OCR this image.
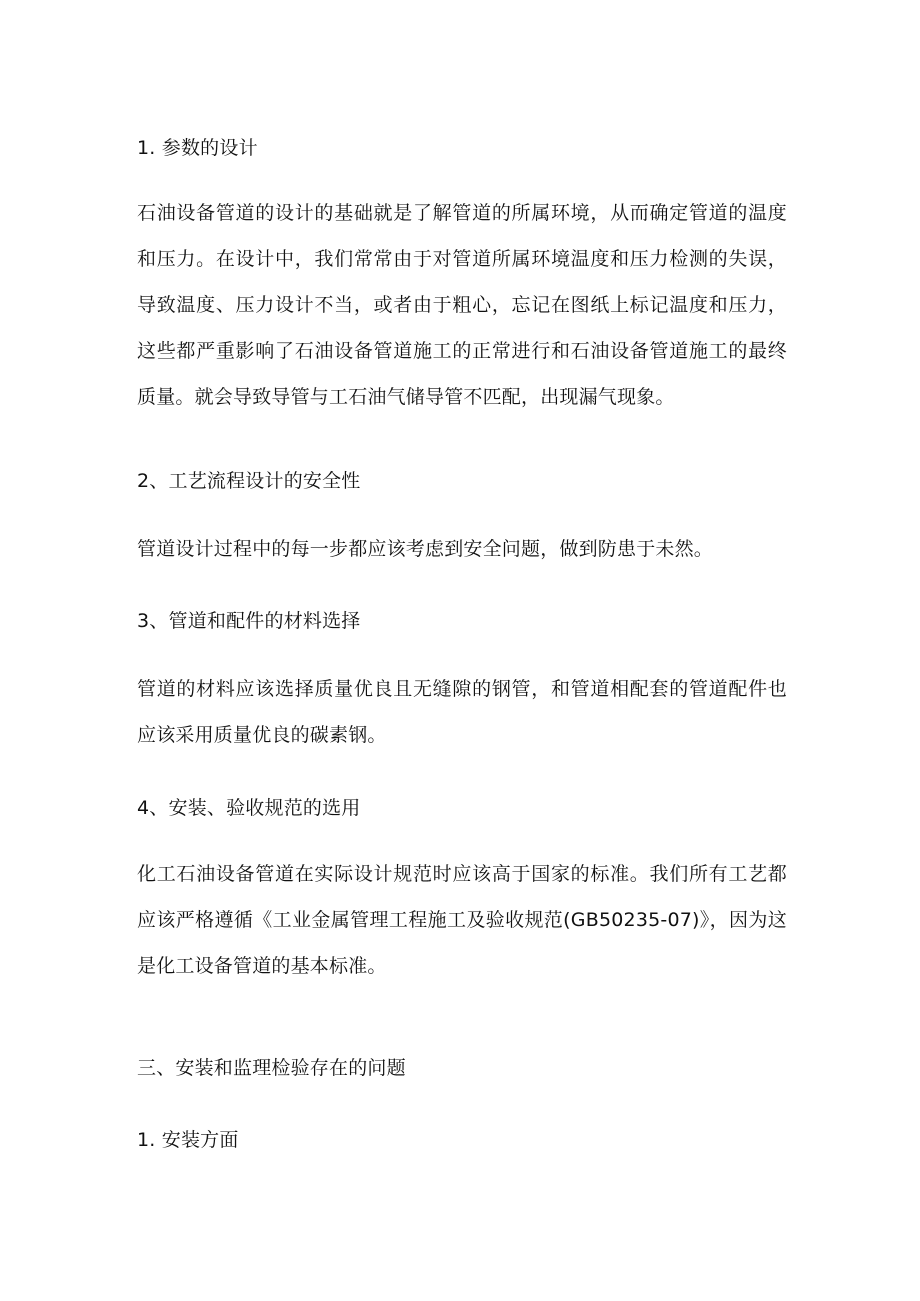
1. 参数的设计

石油设备管道的设计的基础就是了解管道的所属环境，从而确定管道的温度和压力。在设计中，我们常常由于对管道所属环境温度和压力检测的失误，导致温度、压力设计不当，或者由于粗心，忘记在图纸上标记温度和压力，这些都严重影响了石油设备管道施工的正常进行和石油设备管道施工的最终质量。就会导致导管与工石油气储导管不匹配，出现漏气现象。

2、工艺流程设计的安全性

管道设计过程中的每一步都应该考虑到安全问题，做到防患于未然。

3、管道和配件的材料选择

管道的材料应该选择质量优良且无缝隙的钢管，和管道相配套的管道配件也应该采用质量优良的碳素钢。

4、安装、验收规范的选用

化工石油设备管道在实际设计规范时应该高于国家的标准。我们所有工艺都应该严格遵循《工业金属管理工程施工及验收规范(GB50235-07)》，因为这是化工设备管道的基本标准。

三、安装和监理检验存在的问题

1. 安装方面
